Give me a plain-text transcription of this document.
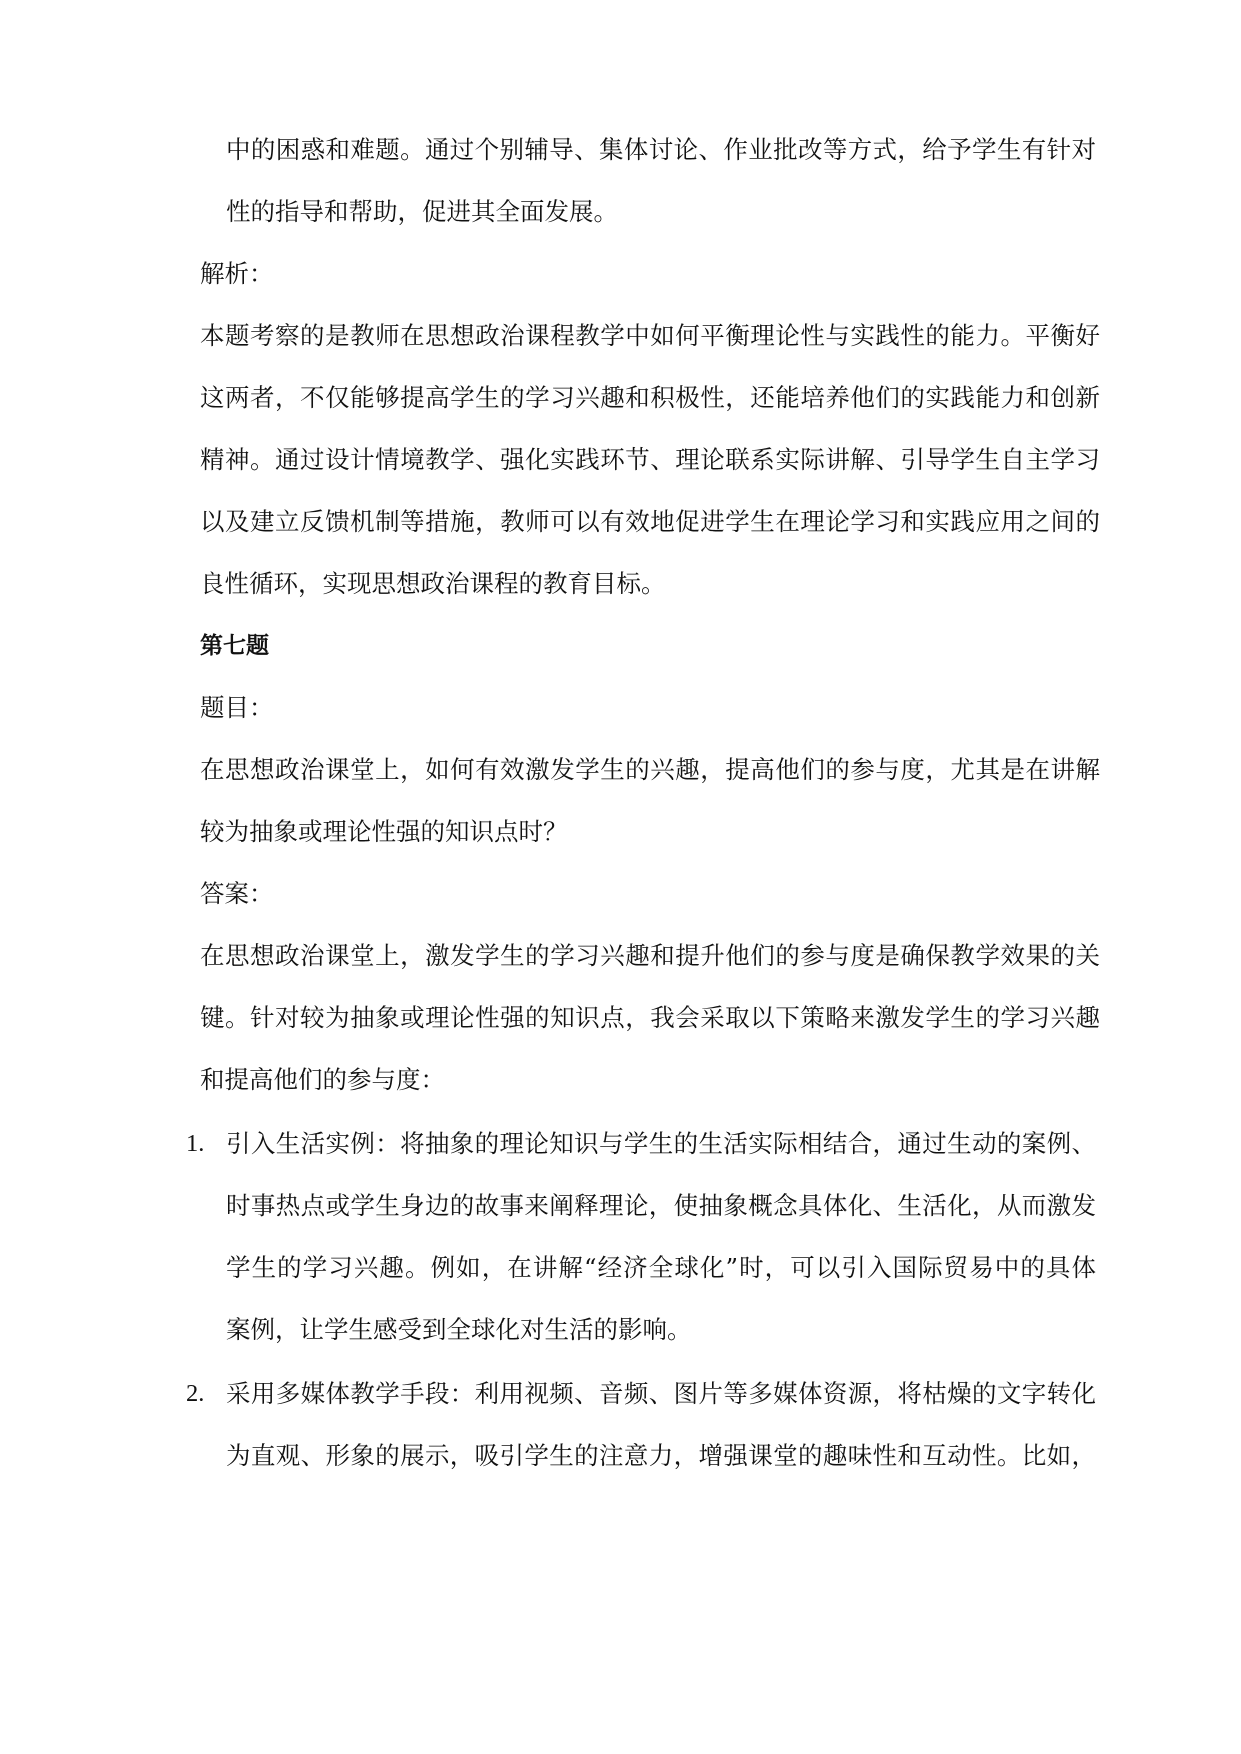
中的困惑和难题。通过个别辅导、集体讨论、作业批改等方式，给予学生有针对
性的指导和帮助，促进其全面发展。
解析：
本题考察的是教师在思想政治课程教学中如何平衡理论性与实践性的能力。平衡好
这两者，不仅能够提高学生的学习兴趣和积极性，还能培养他们的实践能力和创新
精神。通过设计情境教学、强化实践环节、理论联系实际讲解、引导学生自主学习
以及建立反馈机制等措施，教师可以有效地促进学生在理论学习和实践应用之间的
良性循环，实现思想政治课程的教育目标。
第七题
题目：
在思想政治课堂上，如何有效激发学生的兴趣，提高他们的参与度，尤其是在讲解
较为抽象或理论性强的知识点时？
答案：
在思想政治课堂上，激发学生的学习兴趣和提升他们的参与度是确保教学效果的关
键。针对较为抽象或理论性强的知识点，我会采取以下策略来激发学生的学习兴趣
和提高他们的参与度：
1. 引入生活实例：将抽象的理论知识与学生的生活实际相结合，通过生动的案例、
时事热点或学生身边的故事来阐释理论，使抽象概念具体化、生活化，从而激发
学生的学习兴趣。例如，在讲解“经济全球化”时，可以引入国际贸易中的具体
案例，让学生感受到全球化对生活的影响。
2. 采用多媒体教学手段：利用视频、音频、图片等多媒体资源，将枯燥的文字转化
为直观、形象的展示，吸引学生的注意力，增强课堂的趣味性和互动性。比如，
